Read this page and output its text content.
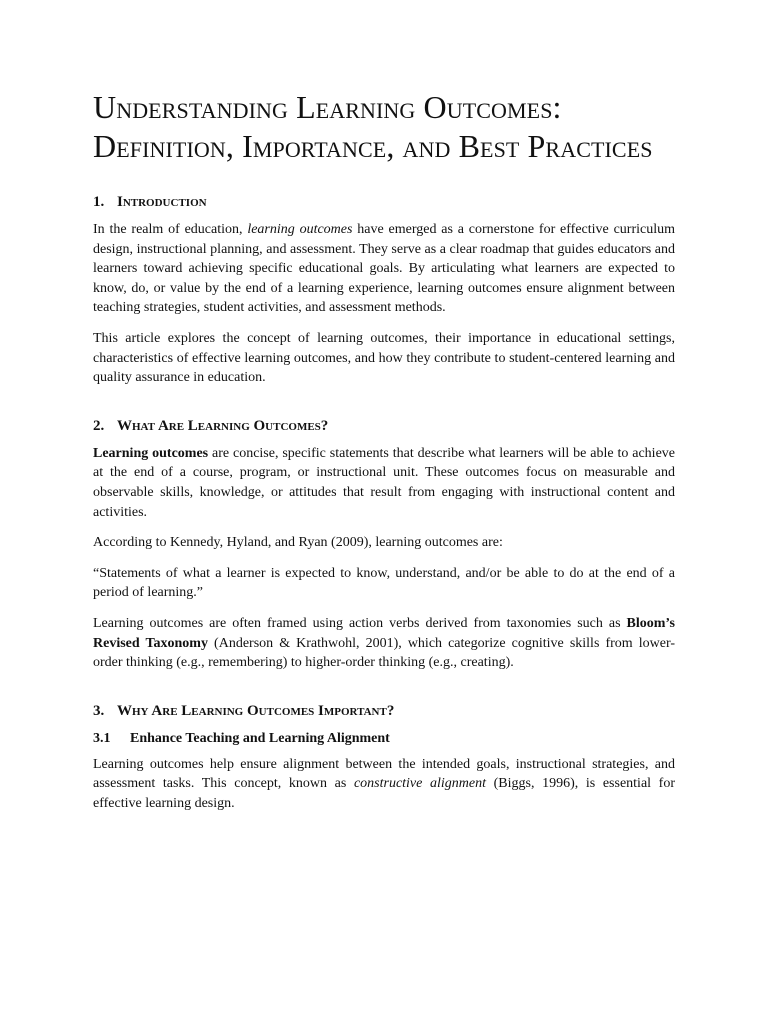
Understanding Learning Outcomes: Definition, Importance, and Best Practices
1. Introduction

In the realm of education, learning outcomes have emerged as a cornerstone for effective curriculum design, instructional planning, and assessment. They serve as a clear roadmap that guides educators and learners toward achieving specific educational goals. By articulating what learners are expected to know, do, or value by the end of a learning experience, learning outcomes ensure alignment between teaching strategies, student activities, and assessment methods.

This article explores the concept of learning outcomes, their importance in educational settings, characteristics of effective learning outcomes, and how they contribute to student-centered learning and quality assurance in education.

2. What Are Learning Outcomes?

Learning outcomes are concise, specific statements that describe what learners will be able to achieve at the end of a course, program, or instructional unit. These outcomes focus on measurable and observable skills, knowledge, or attitudes that result from engaging with instructional content and activities.

According to Kennedy, Hyland, and Ryan (2009), learning outcomes are:

“Statements of what a learner is expected to know, understand, and/or be able to do at the end of a period of learning.”

Learning outcomes are often framed using action verbs derived from taxonomies such as Bloom’s Revised Taxonomy (Anderson & Krathwohl, 2001), which categorize cognitive skills from lower-order thinking (e.g., remembering) to higher-order thinking (e.g., creating).

3. Why Are Learning Outcomes Important?
3.1 Enhance Teaching and Learning Alignment

Learning outcomes help ensure alignment between the intended goals, instructional strategies, and assessment tasks. This concept, known as constructive alignment (Biggs, 1996), is essential for effective learning design.
